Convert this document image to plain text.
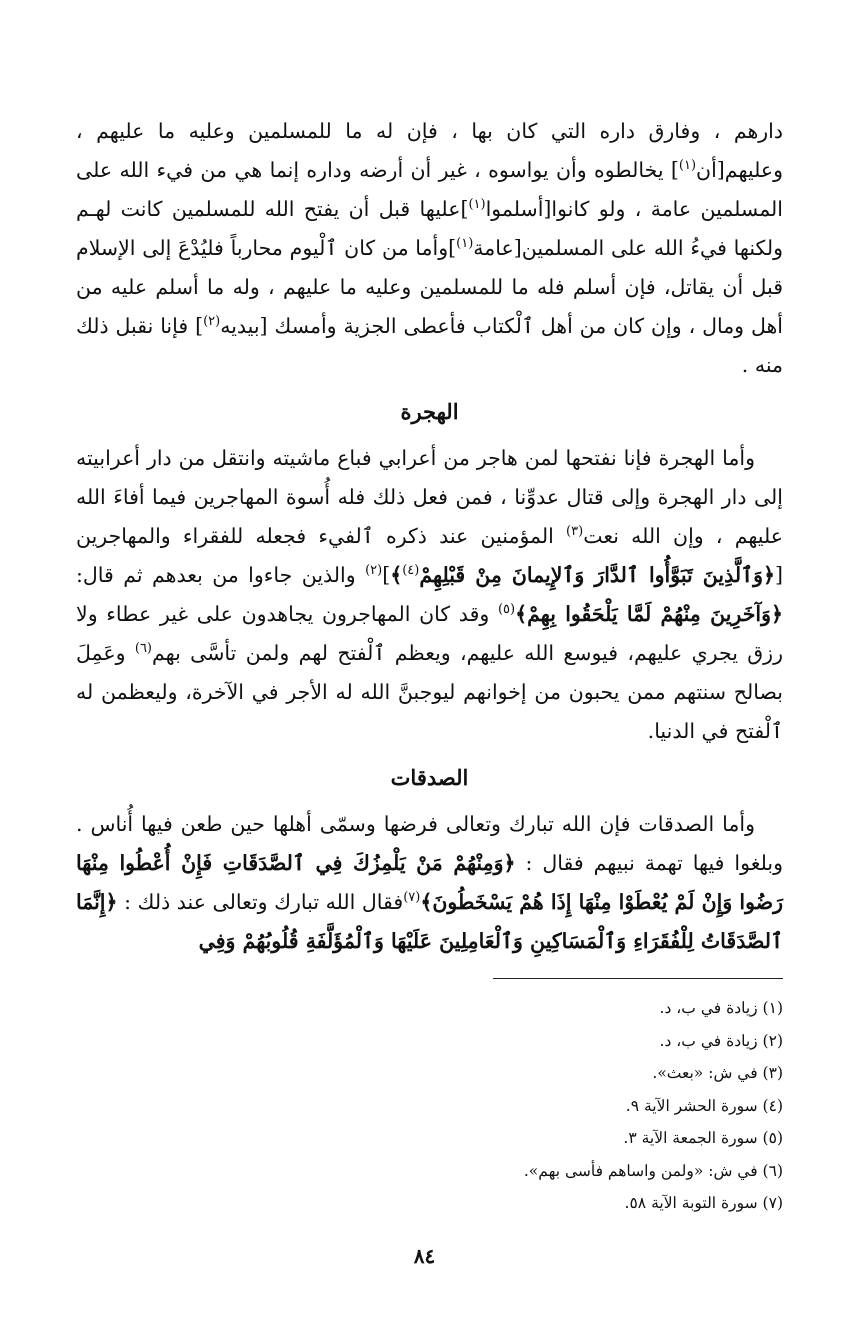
دارهم ، وفارق داره التي كان بها ، فإن له ما للمسلمين وعليه ما عليهم ، وعليهم[أن$^{(١)}$] يخالطوه وأن يواسوه ، غير أن أرضه وداره إنما هي من فيء الله على المسلمين عامة ، ولو كانوا[أسلموا$^{(١)}$]عليها قبل أن يفتح الله للمسلمين كانت لهـم ولكنها فيءُ الله على المسلمين[عامة$^{(١)}$]وأما من كان ٱلْيوم محارباً فليُدْعَ إلى الإسلام قبل أن يقاتل، فإن أسلم فله ما للمسلمين وعليه ما عليهم ، وله ما أسلم عليه من أهل ومال ، وإن كان من أهل ٱلْكتاب فأعطى الجزية وأمسك [بيديه$^{(٢)}$] فإنا نقبل ذلك منه .

الهجرة

وأما الهجرة فإنا نفتحها لمن هاجر من أعرابي فباع ماشيته وانتقل من دار أعرابيته إلى دار الهجرة وإلى قتال عدوِّنا ، فمن فعل ذلك فله أُسوة المهاجرين فيما أفاءَ الله عليهم ، وإن الله نعت$^{(٣)}$ المؤمنين عند ذكره ٱلفيء فجعله للفقراء والمهاجرين [﴿وَٱلَّذِينَ تَبَوَّأُوا ٱلدَّارَ وَٱلإِيمانَ مِنْ قَبْلِهِمْ$^{(٤)}$﴾]$^{(٢)}$ والذين جاءوا من بعدهم ثم قال: ﴿وَآخَرِينَ مِنْهُمْ لَمَّا يَلْحَقُوا بِهِمْ﴾$^{(٥)}$ وقد كان المهاجرون يجاهدون على غير عطاء ولا رزق يجري عليهم، فيوسع الله عليهم، ويعظم ٱلْفتح لهم ولمن تأسَّى بهم$^{(٦)}$ وعَمِلَ بصالح سنتهم ممن يحبون من إخوانهم ليوجبنَّ الله له الأجر في الآخرة، وليعظمن له ٱلْفتح في الدنيا.

الصدقات

وأما الصدقات فإن الله تبارك وتعالى فرضها وسمّى أهلها حين طعن فيها أُناس . وبلغوا فيها تهمة نبيهم فقال : ﴿وَمِنْهُمْ مَنْ يَلْمِزُكَ فِي ٱلصَّدَقَاتِ فَإِنْ أُعْطُوا مِنْهَا رَضُوا وَإِنْ لَمْ يُعْطَوْا مِنْهَا إِذَا هُمْ يَسْخَطُونَ﴾$^{(٧)}$فقال الله تبارك وتعالى عند ذلك : ﴿إِنَّمَا ٱلصَّدَقَاتُ لِلْفُقَرَاءِ وَٱلْمَسَاكِينِ وَٱلْعَامِلِينَ عَلَيْهَا وَٱلْمُؤَلَّفَةِ قُلُوبُهُمْ وَفِي

(١) زيادة في ب، د.

(٢) زيادة في ب، د.

(٣) في ش: «بعث».

(٤) سورة الحشر الآية ٩.

(٥) سورة الجمعة الآية ٣.

(٦) في ش: «ولمن واساهم فأسى بهم».

(٧) سورة التوبة الآية ٥٨.

٨٤
